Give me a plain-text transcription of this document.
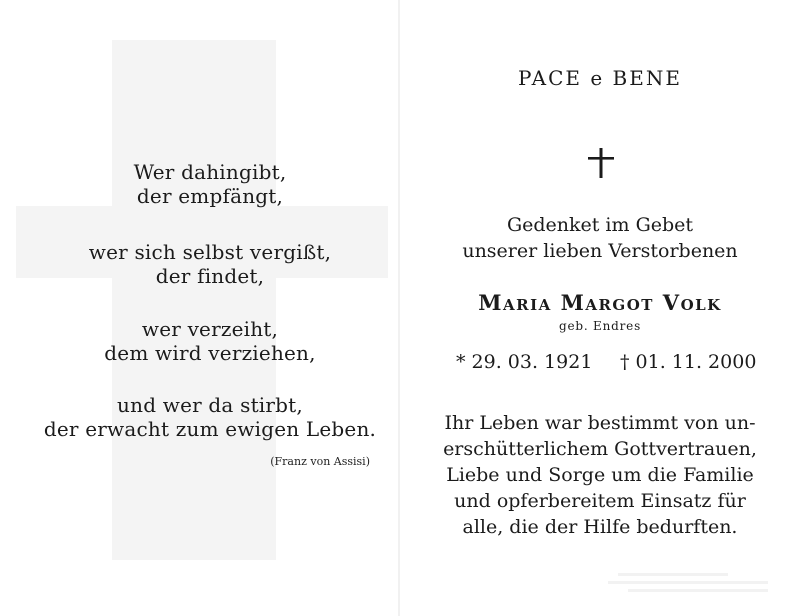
Wer dahingibt,
der empfängt,
wer sich selbst vergißt,
der findet,
wer verzeiht,
dem wird verziehen,
und wer da stirbt,
der erwacht zum ewigen Leben.
(Franz von Assisi)
PACE e BENE
Gedenket im Gebet
unserer lieben Verstorbenen
Maria Margot Volk
geb. Endres
* 29. 03. 1921 † 01. 11. 2000
Ihr Leben war bestimmt von un-
erschütterlichem Gottvertrauen,
Liebe und Sorge um die Familie
und opferbereitem Einsatz für
alle, die der Hilfe bedurften.
